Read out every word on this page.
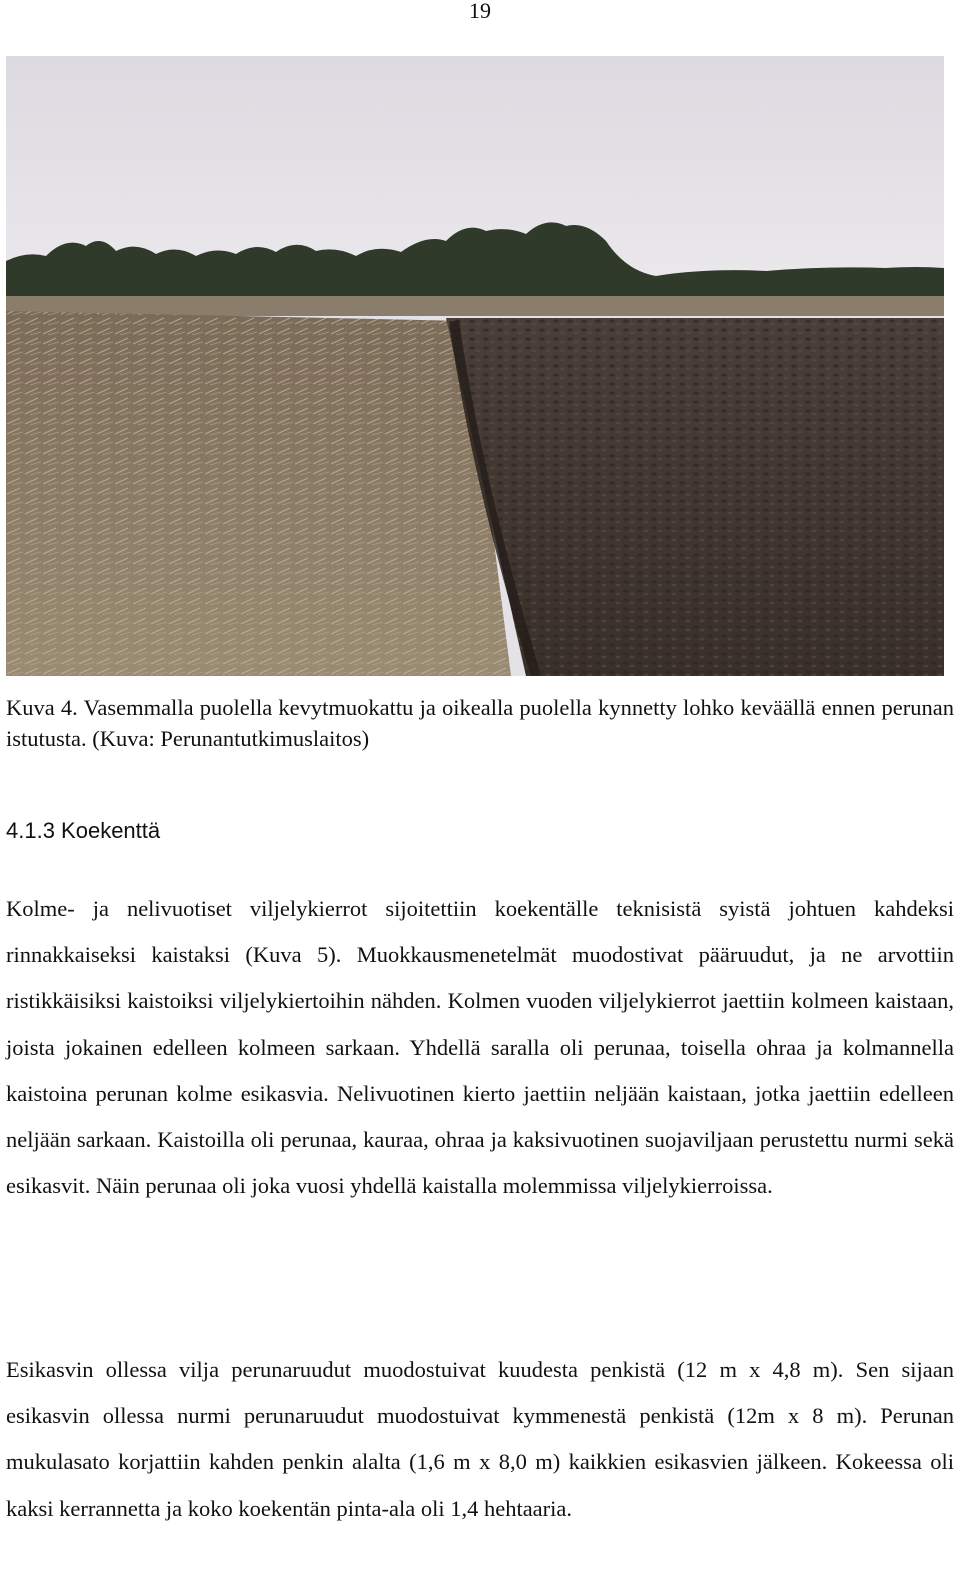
19
Kuva 4. Vasemmalla puolella kevytmuokattu ja oikealla puolella kynnetty lohko keväällä ennen perunan istutusta. (Kuva: Perunantutkimuslaitos)
4.1.3 Koekenttä
Kolme- ja nelivuotiset viljelykierrot sijoitettiin koekentälle teknisistä syistä johtuen kahdeksi rinnakkaiseksi kaistaksi (Kuva 5). Muokkausmenetelmät muodostivat pääruudut, ja ne arvottiin ristikkäisiksi kaistoiksi viljelykiertoihin nähden. Kolmen vuoden viljelykierrot jaettiin kolmeen kaistaan, joista jokainen edelleen kolmeen sarkaan. Yhdellä saralla oli perunaa, toisella ohraa ja kolmannella kaistoina perunan kolme esikasvia. Nelivuotinen kierto jaettiin neljään kaistaan, jotka jaettiin edelleen neljään sarkaan. Kaistoilla oli perunaa, kauraa, ohraa ja kaksivuotinen suojaviljaan perustettu nurmi sekä esikasvit. Näin perunaa oli joka vuosi yhdellä kaistalla molemmissa viljelykierroissa.
Esikasvin ollessa vilja perunaruudut muodostuivat kuudesta penkistä (12 m x 4,8 m). Sen sijaan esikasvin ollessa nurmi perunaruudut muodostuivat kymmenestä penkistä (12m x 8 m). Perunan mukulasato korjattiin kahden penkin alalta (1,6 m x 8,0 m) kaikkien esikasvien jälkeen. Kokeessa oli kaksi kerrannetta ja koko koekentän pinta-ala oli 1,4 hehtaaria.
